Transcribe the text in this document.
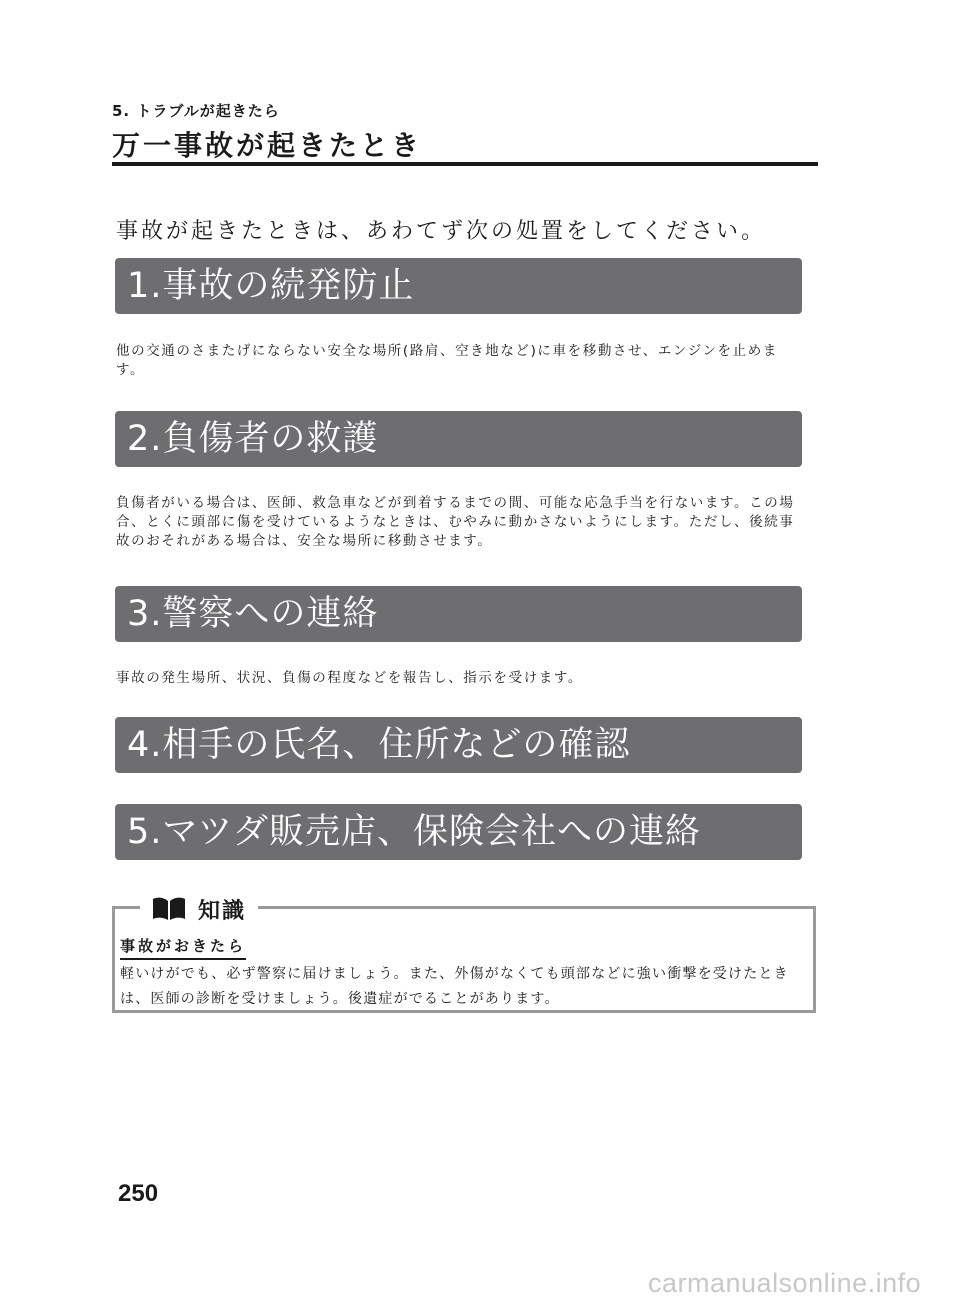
5. トラブルが起きたら

万一事故が起きたとき

事故が起きたときは、あわてず次の処置をしてください。

1.事故の続発防止

他の交通のさまたげにならない安全な場所(路肩、空き地など)に車を移動させ、エンジンを止めます。

2.負傷者の救護

負傷者がいる場合は、医師、救急車などが到着するまでの間、可能な応急手当を行ないます。この場合、とくに頭部に傷を受けているようなときは、むやみに動かさないようにします。ただし、後続事故のおそれがある場合は、安全な場所に移動させます。

3.警察への連絡

事故の発生場所、状況、負傷の程度などを報告し、指示を受けます。

4.相手の氏名、住所などの確認
5.マツダ販売店、保険会社への連絡
知識

事故がおきたら

軽いけがでも、必ず警察に届けましょう。また、外傷がなくても頭部などに強い衝撃を受けたときは、医師の診断を受けましょう。後遺症がでることがあります。

250

carmanualsonline.info
